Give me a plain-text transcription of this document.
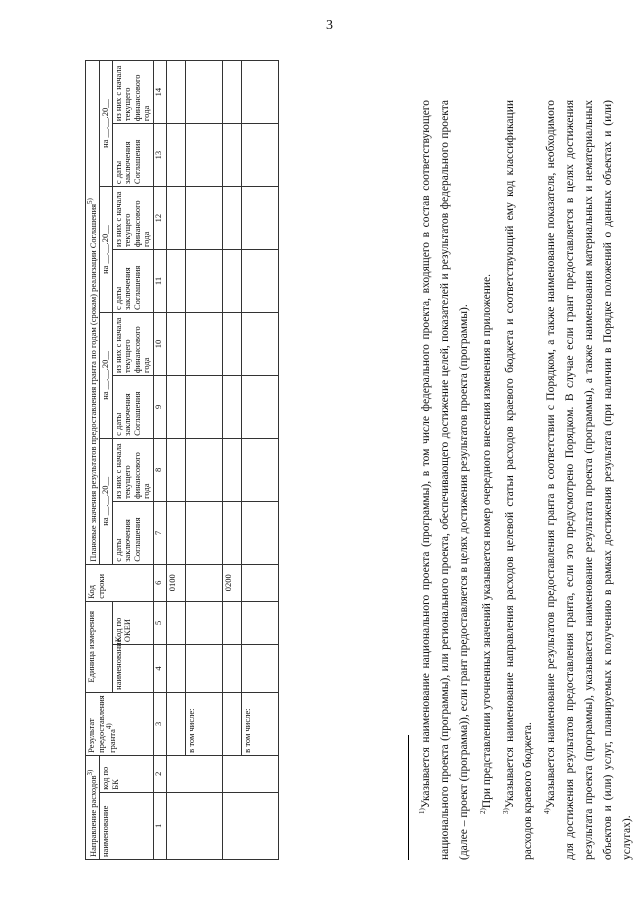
3
Направление расходов$^{3)}$		Результат предоставления гранта$^{4)}$	Единица измерения		Код строки	Плановые значения результатов предоставления гранта по годам (срокам) реализации Соглашения$^{5)}$
наименование	код по БК					на __.__.20__		на __.__.20__		на __.__.20__		на __.__.20__	
			наименование	Код по ОКЕИ		с даты заключения Соглашения	из них с начала текущего финансового года	с даты заключения Соглашения	из них с начала текущего финансового года	с даты заключения Соглашения	из них с начала текущего финансового года	с даты заключения Соглашения	из них с начала текущего финансового года
1	2	3	4	5	6	7	8	9	10	11	12	13	14
					0100								
		в том числе:											
					0200								
		в том числе:											

$^{1)}$Указывается наименование национального проекта (программы), в том числе федерального проекта, входящего в состав соответствующего национального проекта (программы), или регионального проекта, обеспечивающего достижение целей, показателей и результатов федерального проекта (далее – проект (программа)), если грант предоставляется в целях достижения результатов проекта (программы).	$^{2)}$При представлении уточненных значений указывается номер очередного внесения изменения в приложение.

$^{3)}$Указывается наименование направления расходов целевой статьи расходов краевого бюджета и соответствующий ему код классификации расходов краевого бюджета.	$^{4)}$Указывается наименование результатов предоставления гранта в соответствии с Порядком, а также наименование показателя, необходимого для достижения результатов предоставления гранта, если это предусмотрено Порядком. В случае если грант предоставляется в целях достижения результата проекта (программы), указывается наименование результата проекта (программы), а также наименования материальных и нематериальных объектов и (или) услуг, планируемых к получению в рамках достижения результата (при наличии в Порядке положений о данных объектах и (или) услугах).
